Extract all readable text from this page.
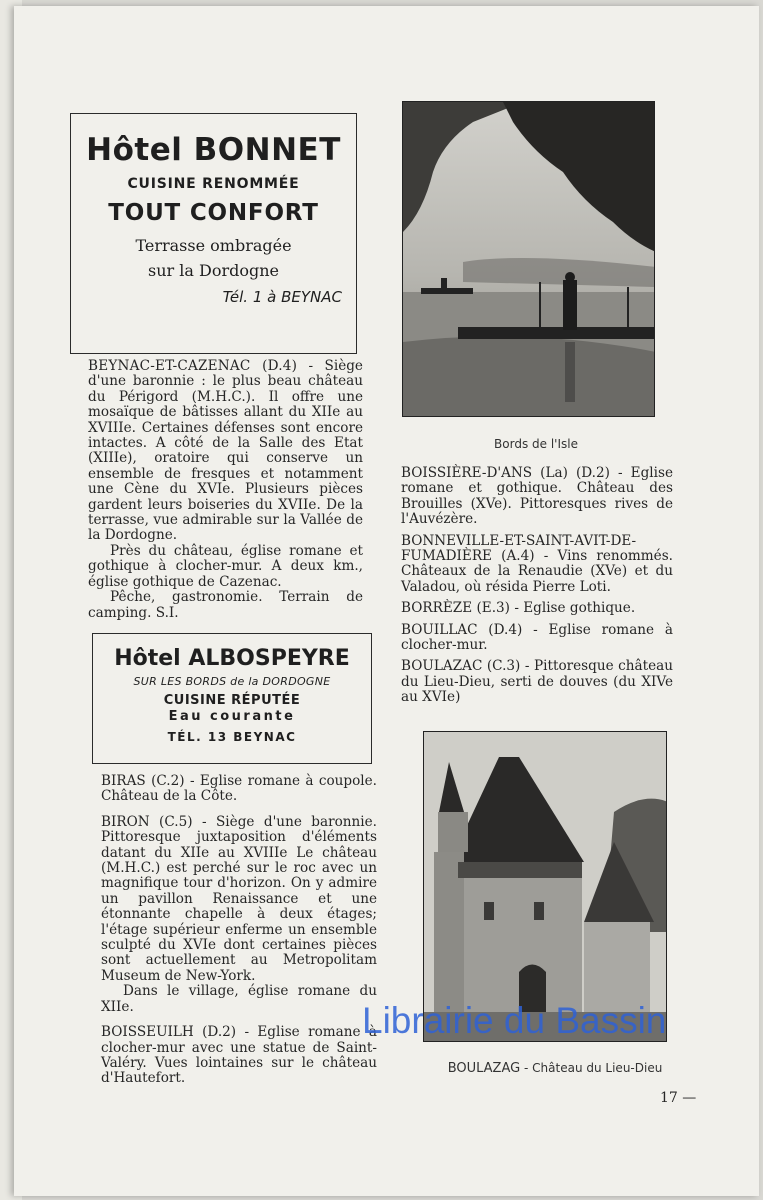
Hôtel BONNET
CUISINE RENOMMÉE
TOUT CONFORT
Terrasse ombragée
sur la Dordogne
Tél. 1 à BEYNAC

BEYNAC-ET-CAZENAC (D.4) - Siège d'une baronnie : le plus beau château du Périgord (M.H.C.). Il offre une mosaïque de bâtisses allant du XIIe au XVIIIe. Certaines défenses sont encore intactes. A côté de la Salle des Etat (XIIIe), oratoire qui conserve un ensemble de fresques et notamment une Cène du XVIe. Plusieurs pièces gardent leurs boiseries du XVIIe. De la terrasse, vue admirable sur la Vallée de la Dordogne.

Près du château, église romane et gothique à clocher-mur. A deux km., église gothique de Cazenac.

Pêche, gastronomie. Terrain de camping. S.I.

Hôtel ALBOSPEYRE
SUR LES BORDS de la DORDOGNE
CUISINE RÉPUTÉE
Eau courante
TÉL. 13 BEYNAC

BIRAS (C.2) - Eglise romane à coupole. Château de la Côte.

BIRON (C.5) - Siège d'une baronnie. Pittoresque juxtaposition d'éléments datant du XIIe au XVIIIe Le château (M.H.C.) est perché sur le roc avec un magnifique tour d'horizon. On y admire un pavillon Renaissance et une étonnante chapelle à deux étages; l'étage supérieur enferme un ensemble sculpté du XVIe dont certaines pièces sont actuellement au Metropolitam Museum de New-York.

Dans le village, église romane du XIIe.

BOISSEUILH (D.2) - Eglise romane à clocher-mur avec une statue de Saint-Valéry. Vues lointaines sur le château d'Hautefort.

Bords de l'Isle

BOISSIÈRE-D'ANS (La) (D.2) - Eglise romane et gothique. Château des Brouilles (XVe). Pittoresques rives de l'Auvézère.

BONNEVILLE-ET-SAINT-AVIT-DE-FUMADIÈRE (A.4) - Vins renommés. Châteaux de la Renaudie (XVe) et du Valadou, où résida Pierre Loti.

BORRÈZE (E.3) - Eglise gothique.

BOUILLAC (D.4) - Eglise romane à clocher-mur.

BOULAZAC (C.3) - Pittoresque château du Lieu-Dieu, serti de douves (du XIVe au XVIe)

BOULAZAG - Château du Lieu-Dieu
17 —
Librairie du Bassin
